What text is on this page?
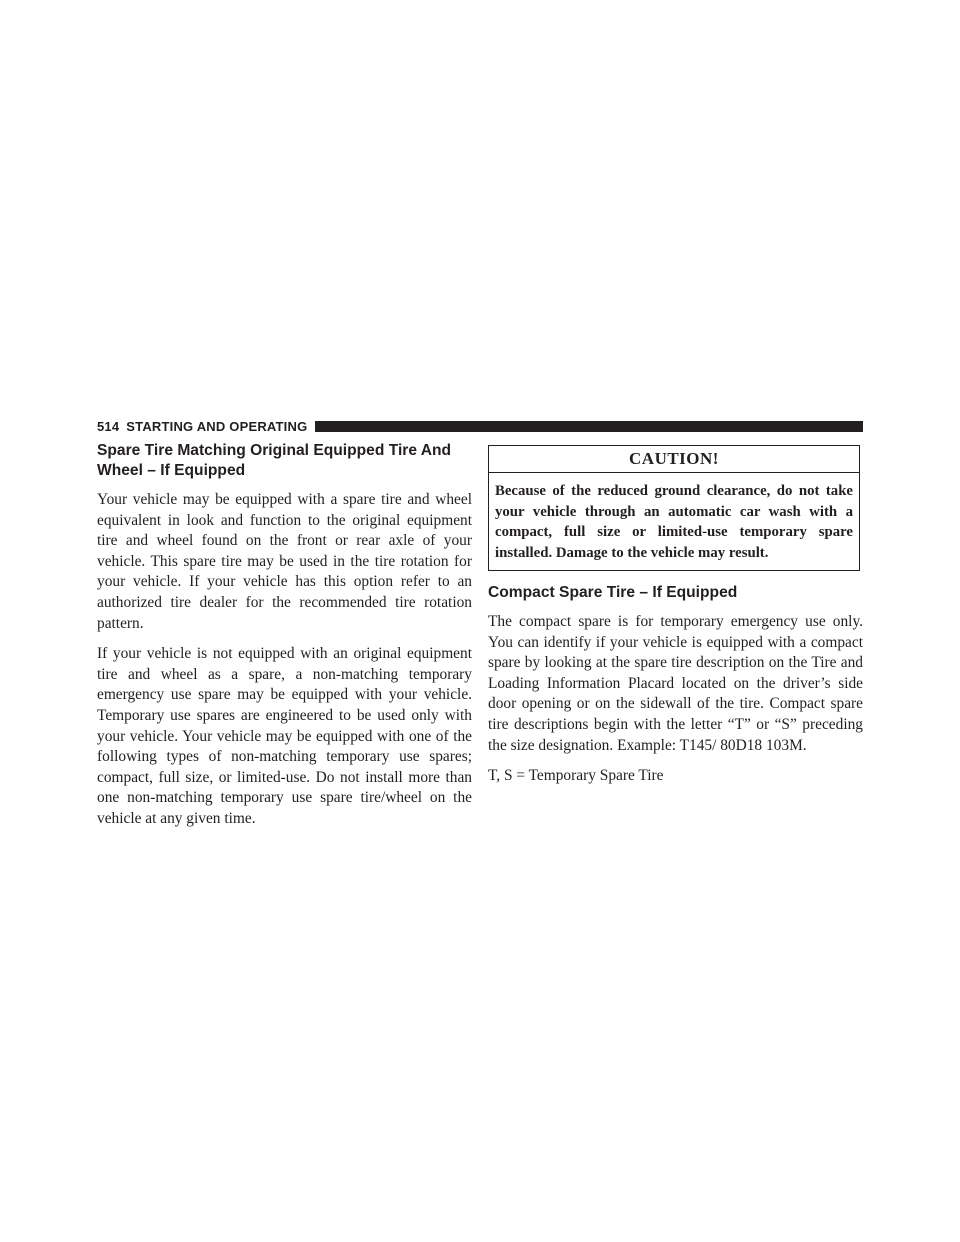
514 STARTING AND OPERATING
Spare Tire Matching Original Equipped Tire And Wheel – If Equipped

Your vehicle may be equipped with a spare tire and wheel equivalent in look and function to the original equipment tire and wheel found on the front or rear axle of your vehicle. This spare tire may be used in the tire rotation for your vehicle. If your vehicle has this option refer to an authorized tire dealer for the recommended tire rotation pattern.

If your vehicle is not equipped with an original equipment tire and wheel as a spare, a non-matching temporary emergency use spare may be equipped with your vehicle. Temporary use spares are engineered to be used only with your vehicle. Your vehicle may be equipped with one of the following types of non-matching temporary use spares; compact, full size, or limited-use. Do not install more than one non-matching temporary use spare tire/wheel on the vehicle at any given time.

CAUTION!
Because of the reduced ground clearance, do not take your vehicle through an automatic car wash with a compact, full size or limited-use temporary spare installed. Damage to the vehicle may result.
Compact Spare Tire – If Equipped

The compact spare is for temporary emergency use only. You can identify if your vehicle is equipped with a compact spare by looking at the spare tire description on the Tire and Loading Information Placard located on the driver’s side door opening or on the sidewall of the tire. Compact spare tire descriptions begin with the letter “T” or “S” preceding the size designation. Example: T145/ 80D18 103M.

T, S = Temporary Spare Tire
